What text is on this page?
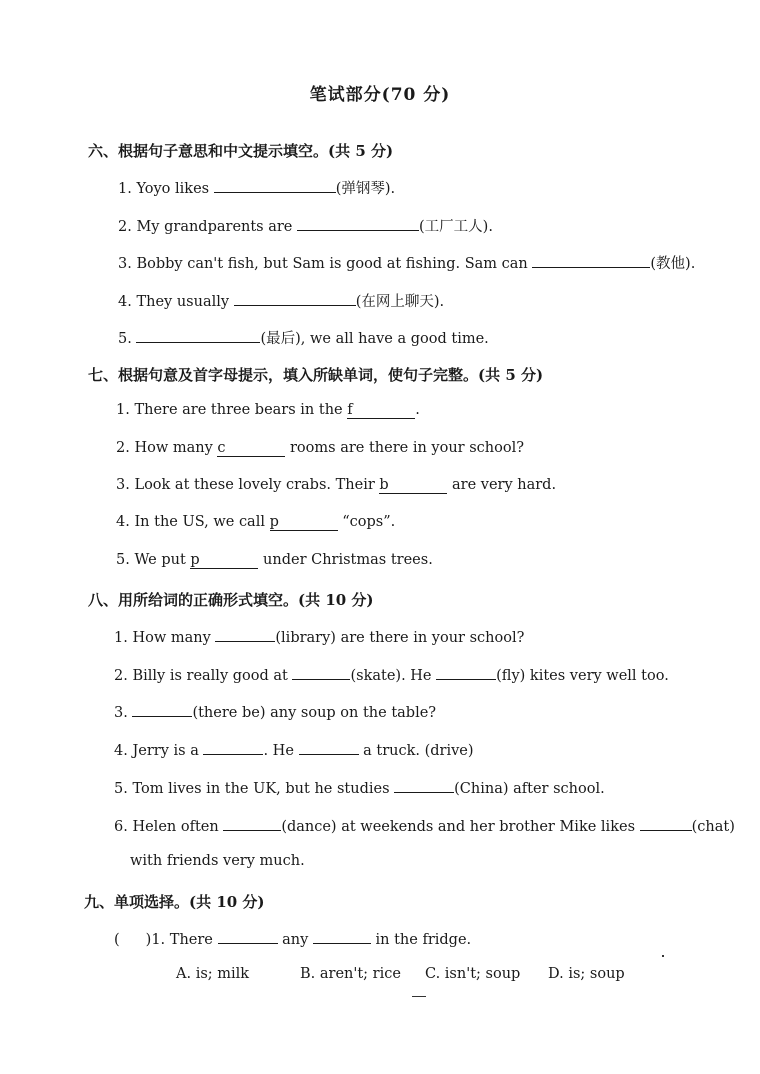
笔试部分(70 分)
六、根据句子意思和中文提示填空。(共 5 分)
1. Yoyo likes	(弹钢琴).
2. My grandparents are	(工厂工人).
3. Bobby can't fish, but Sam is good at fishing. Sam can	(教他).
4. They usually	(在网上聊天).
5.	(最后), we all have a good time.
七、根据句意及首字母提示，填入所缺单词，使句子完整。(共 5 分)
1. There are three bears in the f	.
2. How many c	rooms are there in your school?
3. Look at these lovely crabs. Their b	are very hard.
4. In the US, we call p	“cops”.
5. We put p	under Christmas trees.
八、用所给词的正确形式填空。(共 10 分)
1. How many	(library) are there in your school?
2. Billy is really good at	(skate). He	(fly) kites very well too.
3.	(there be) any soup on the table?
4. Jerry is a	. He	a truck. (drive)
5. Tom lives in the UK, but he studies	(China) after school.
6. Helen often	(dance) at weekends and her brother Mike likes	(chat)
with friends very much.
九、单项选择。(共 10 分)
( )1. There	any	in the fridge.
A. is; milk	B. aren't; rice C. isn't; soup D. is; soup
